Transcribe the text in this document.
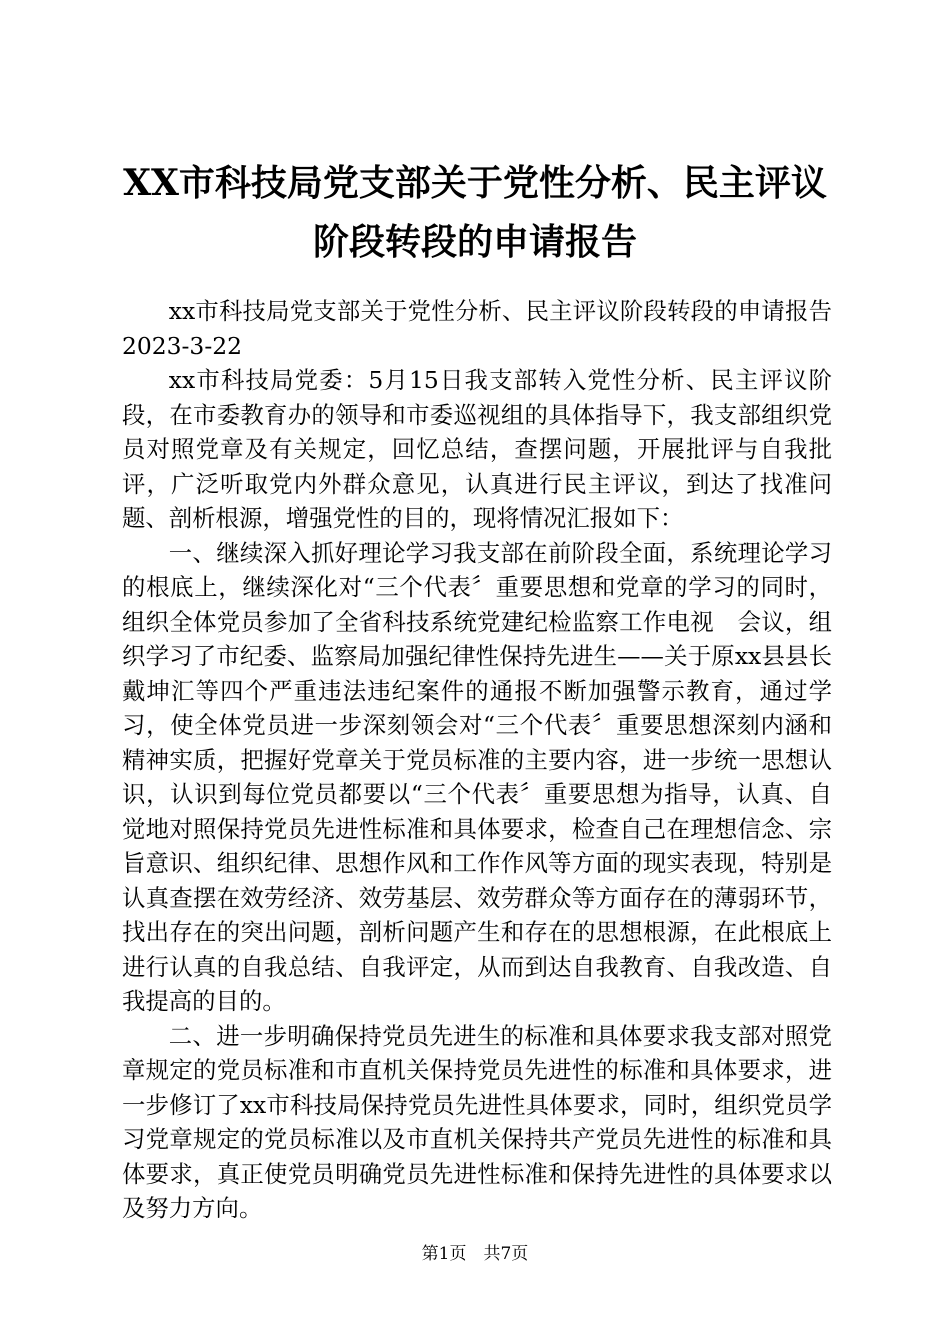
XX市科技局党支部关于党性分析、民主评议
阶段转段的申请报告

xx市科技局党支部关于党性分析、民主评议阶段转段的申请报告2023-3-22

xx市科技局党委：5月15日我支部转入党性分析、民主评议阶段，在市委教育办的领导和市委巡视组的具体指导下，我支部组织党员对照党章及有关规定，回忆总结，查摆问题，开展批评与自我批评，广泛听取党内外群众意见，认真进行民主评议，到达了找准问题、剖析根源，增强党性的目的，现将情况汇报如下：

一、继续深入抓好理论学习我支部在前阶段全面，系统理论学习的根底上，继续深化对“三个代表〞重要思想和党章的学习的同时，组织全体党员参加了全省科技系统党建纪检监察工作电视　会议，组织学习了市纪委、监察局加强纪律性保持先进生——关于原xx县县长戴坤汇等四个严重违法违纪案件的通报不断加强警示教育，通过学习，使全体党员进一步深刻领会对“三个代表〞重要思想深刻内涵和精神实质，把握好党章关于党员标准的主要内容，进一步统一思想认识，认识到每位党员都要以“三个代表〞重要思想为指导，认真、自觉地对照保持党员先进性标准和具体要求，检查自己在理想信念、宗旨意识、组织纪律、思想作风和工作作风等方面的现实表现，特别是认真查摆在效劳经济、效劳基层、效劳群众等方面存在的薄弱环节，找出存在的突出问题，剖析问题产生和存在的思想根源，在此根底上进行认真的自我总结、自我评定，从而到达自我教育、自我改造、自我提高的目的。

二、进一步明确保持党员先进生的标准和具体要求我支部对照党章规定的党员标准和市直机关保持党员先进性的标准和具体要求，进一步修订了xx市科技局保持党员先进性具体要求，同时，组织党员学习党章规定的党员标准以及市直机关保持共产党员先进性的标准和具体要求，真正使党员明确党员先进性标准和保持先进性的具体要求以及努力方向。

第1页　共7页
